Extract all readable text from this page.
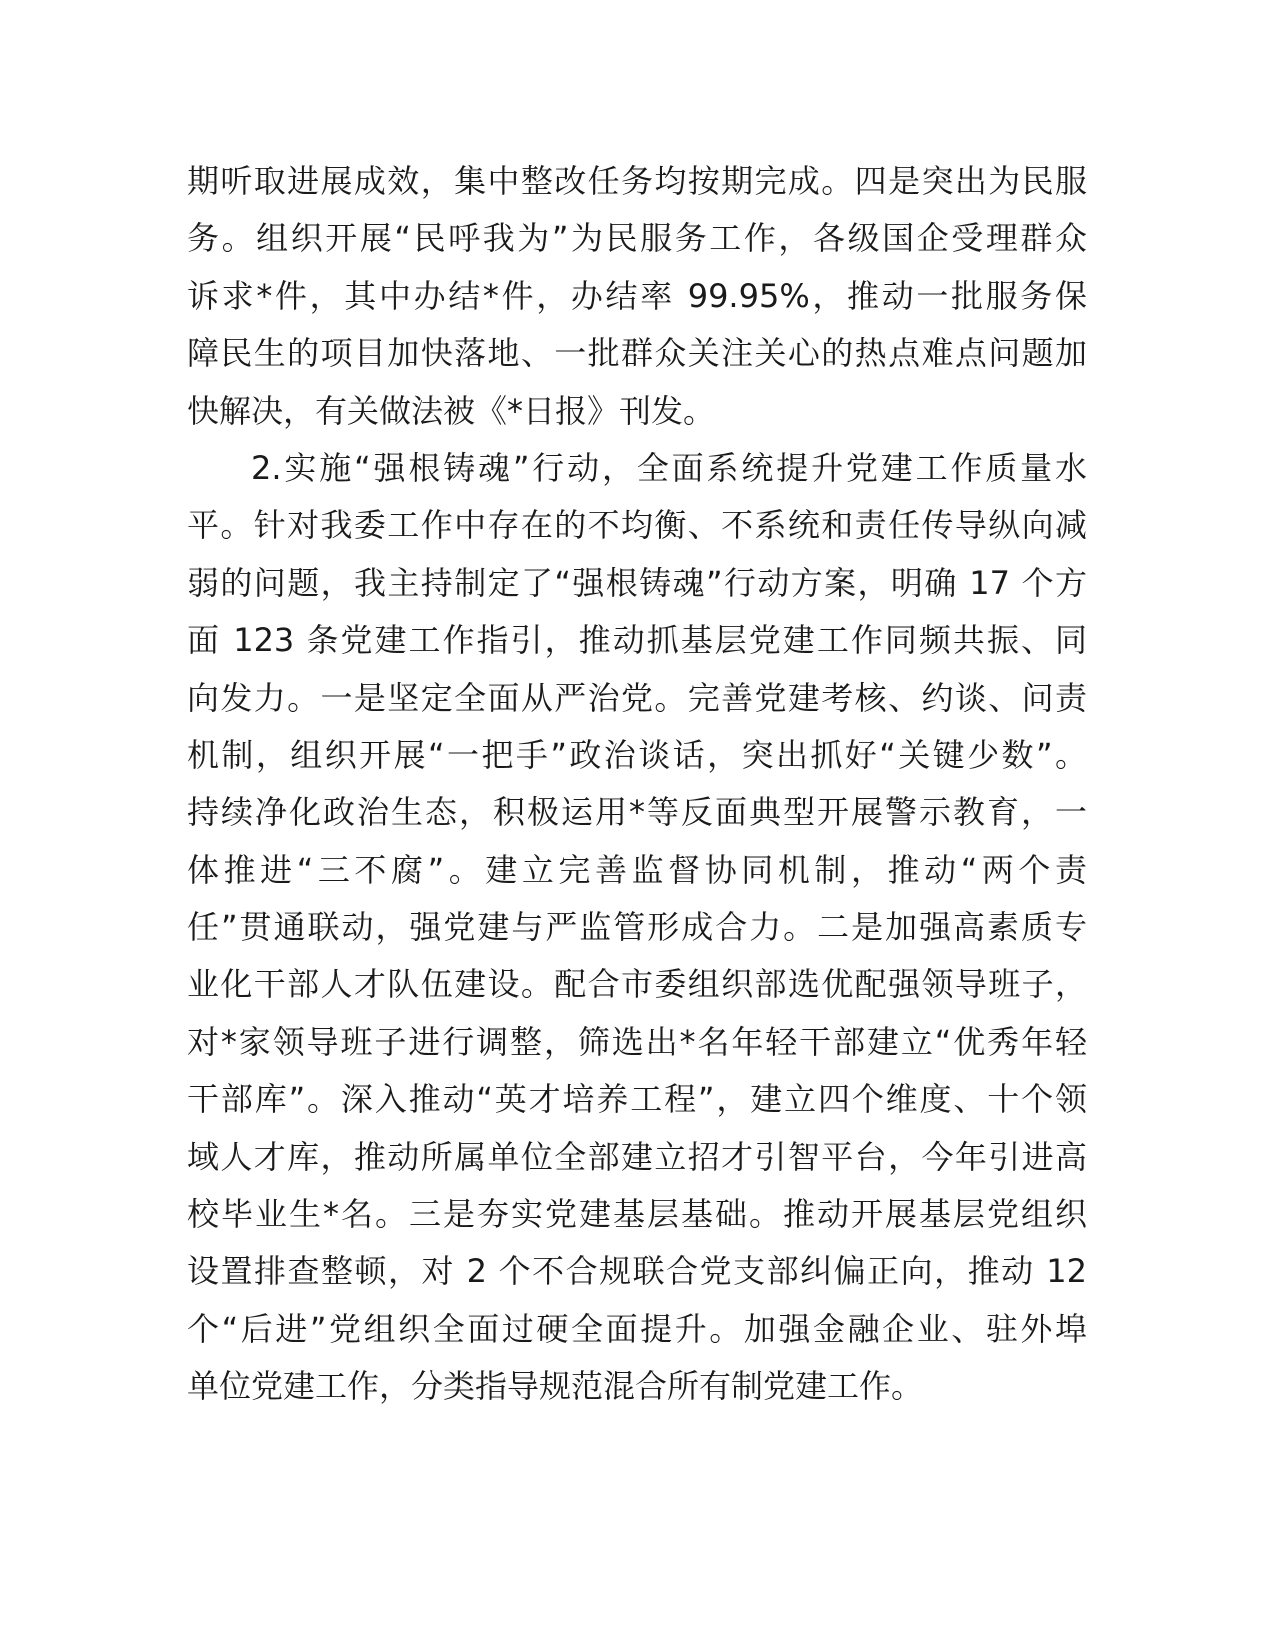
期听取进展成效，集中整改任务均按期完成。四是突出为民服
务。组织开展“民呼我为”为民服务工作，各级国企受理群众
诉求*件，其中办结*件，办结率 99.95%，推动一批服务保
障民生的项目加快落地、一批群众关注关心的热点难点问题加
快解决，有关做法被《*日报》刊发。
2.实施“强根铸魂”行动，全面系统提升党建工作质量水
平。针对我委工作中存在的不均衡、不系统和责任传导纵向减
弱的问题，我主持制定了“强根铸魂”行动方案，明确 17 个方
面 123 条党建工作指引，推动抓基层党建工作同频共振、同
向发力。一是坚定全面从严治党。完善党建考核、约谈、问责
机制，组织开展“一把手”政治谈话，突出抓好“关键少数”。
持续净化政治生态，积极运用*等反面典型开展警示教育，一
体推进“三不腐”。建立完善监督协同机制，推动“两个责
任”贯通联动，强党建与严监管形成合力。二是加强高素质专
业化干部人才队伍建设。配合市委组织部选优配强领导班子，
对*家领导班子进行调整，筛选出*名年轻干部建立“优秀年轻
干部库”。深入推动“英才培养工程”，建立四个维度、十个领
域人才库，推动所属单位全部建立招才引智平台，今年引进高
校毕业生*名。三是夯实党建基层基础。推动开展基层党组织
设置排查整顿，对 2 个不合规联合党支部纠偏正向，推动 12
个“后进”党组织全面过硬全面提升。加强金融企业、驻外埠
单位党建工作，分类指导规范混合所有制党建工作。
